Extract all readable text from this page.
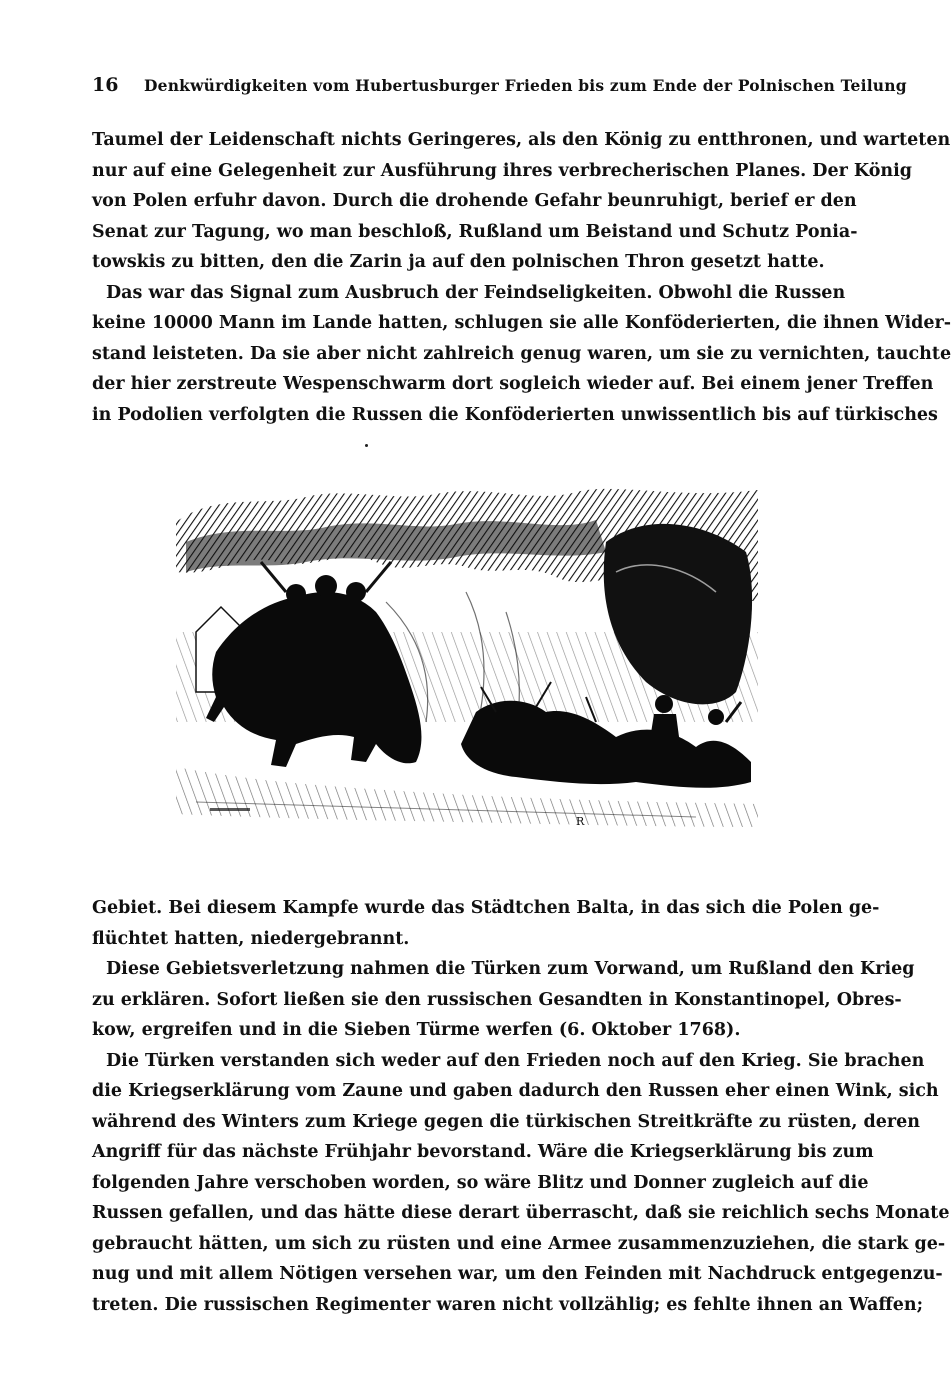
16 Denkwürdigkeiten vom Hubertusburger Frieden bis zum Ende der Polnischen Teilung
Taumel der Leidenschaft nichts Geringeres, als den König zu entthronen, und warteten
nur auf eine Gelegenheit zur Ausführung ihres verbrecherischen Planes. Der König
von Polen erfuhr davon. Durch die drohende Gefahr beunruhigt, berief er den
Senat zur Tagung, wo man beschloß, Rußland um Beistand und Schutz Ponia-
towskis zu bitten, den die Zarin ja auf den polnischen Thron gesetzt hatte.
Das war das Signal zum Ausbruch der Feindseligkeiten. Obwohl die Russen
keine 10000 Mann im Lande hatten, schlugen sie alle Konföderierten, die ihnen Wider-
stand leisteten. Da sie aber nicht zahlreich genug waren, um sie zu vernichten, tauchte
der hier zerstreute Wespenschwarm dort sogleich wieder auf. Bei einem jener Treffen
in Podolien verfolgten die Russen die Konföderierten unwissentlich bis auf türkisches
R
Gebiet. Bei diesem Kampfe wurde das Städtchen Balta, in das sich die Polen ge-
flüchtet hatten, niedergebrannt.
Diese Gebietsverletzung nahmen die Türken zum Vorwand, um Rußland den Krieg
zu erklären. Sofort ließen sie den russischen Gesandten in Konstantinopel, Obres-
kow, ergreifen und in die Sieben Türme werfen (6. Oktober 1768).
Die Türken verstanden sich weder auf den Frieden noch auf den Krieg. Sie brachen
die Kriegserklärung vom Zaune und gaben dadurch den Russen eher einen Wink, sich
während des Winters zum Kriege gegen die türkischen Streitkräfte zu rüsten, deren
Angriff für das nächste Frühjahr bevorstand. Wäre die Kriegserklärung bis zum
folgenden Jahre verschoben worden, so wäre Blitz und Donner zugleich auf die
Russen gefallen, und das hätte diese derart überrascht, daß sie reichlich sechs Monate
gebraucht hätten, um sich zu rüsten und eine Armee zusammenzuziehen, die stark ge-
nug und mit allem Nötigen versehen war, um den Feinden mit Nachdruck entgegenzu-
treten. Die russischen Regimenter waren nicht vollzählig; es fehlte ihnen an Waffen;
